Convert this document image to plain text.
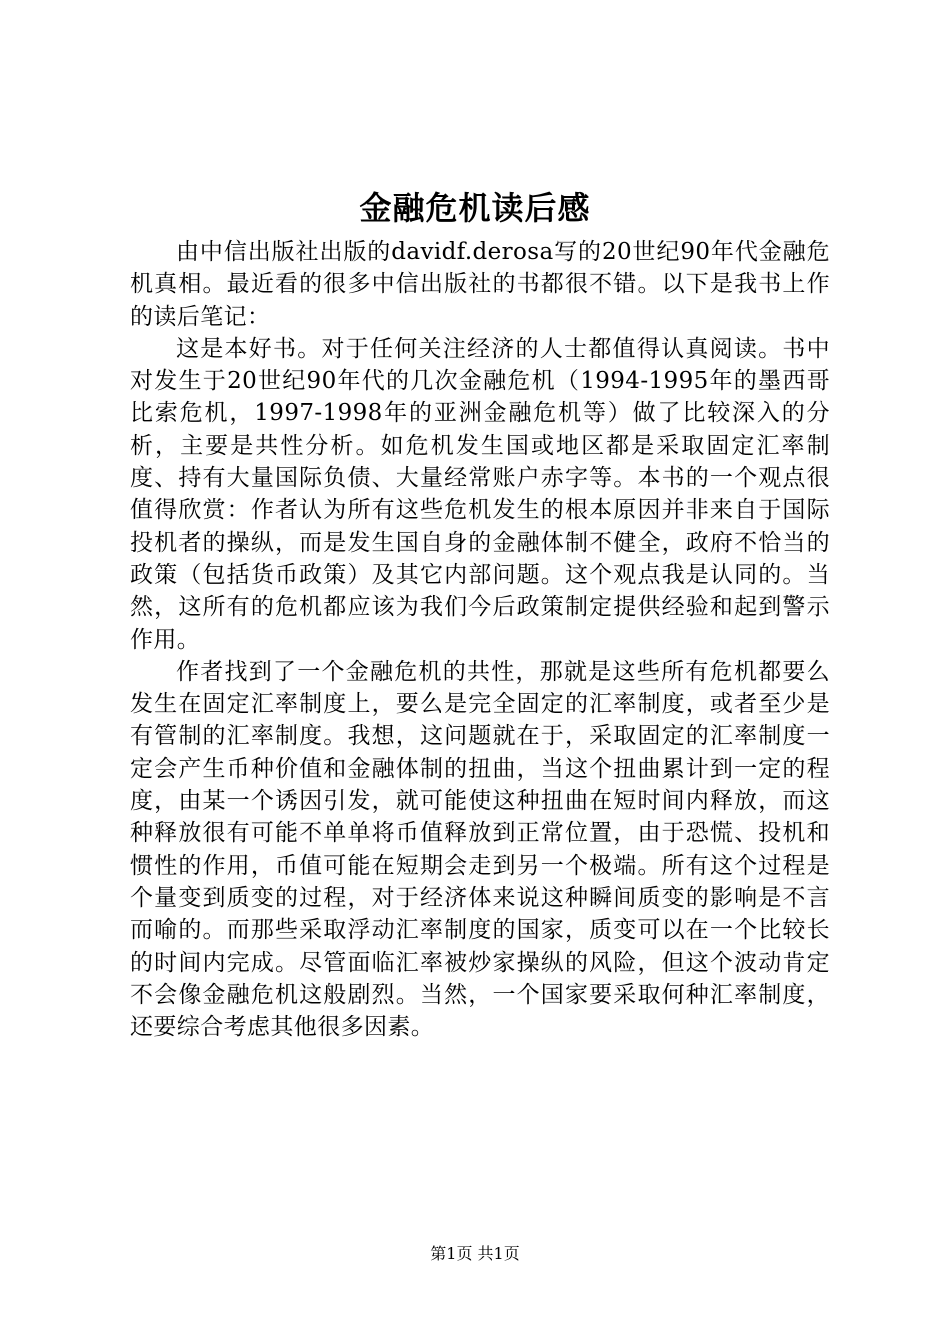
金融危机读后感

由中信出版社出版的davidf.derosa写的20世纪90年代金融危机真相。最近看的很多中信出版社的书都很不错。以下是我书上作的读后笔记：

这是本好书。对于任何关注经济的人士都值得认真阅读。书中对发生于20世纪90年代的几次金融危机（1994-1995年的墨西哥比索危机，1997-1998年的亚洲金融危机等）做了比较深入的分析，主要是共性分析。如危机发生国或地区都是采取固定汇率制度、持有大量国际负债、大量经常账户赤字等。本书的一个观点很值得欣赏：作者认为所有这些危机发生的根本原因并非来自于国际投机者的操纵，而是发生国自身的金融体制不健全，政府不恰当的政策（包括货币政策）及其它内部问题。这个观点我是认同的。当然，这所有的危机都应该为我们今后政策制定提供经验和起到警示作用。

作者找到了一个金融危机的共性，那就是这些所有危机都要么发生在固定汇率制度上，要么是完全固定的汇率制度，或者至少是有管制的汇率制度。我想，这问题就在于，采取固定的汇率制度一定会产生币种价值和金融体制的扭曲，当这个扭曲累计到一定的程度，由某一个诱因引发，就可能使这种扭曲在短时间内释放，而这种释放很有可能不单单将币值释放到正常位置，由于恐慌、投机和惯性的作用，币值可能在短期会走到另一个极端。所有这个过程是个量变到质变的过程，对于经济体来说这种瞬间质变的影响是不言而喻的。而那些采取浮动汇率制度的国家，质变可以在一个比较长的时间内完成。尽管面临汇率被炒家操纵的风险，但这个波动肯定不会像金融危机这般剧烈。当然，一个国家要采取何种汇率制度，还要综合考虑其他很多因素。

第1页 共1页
